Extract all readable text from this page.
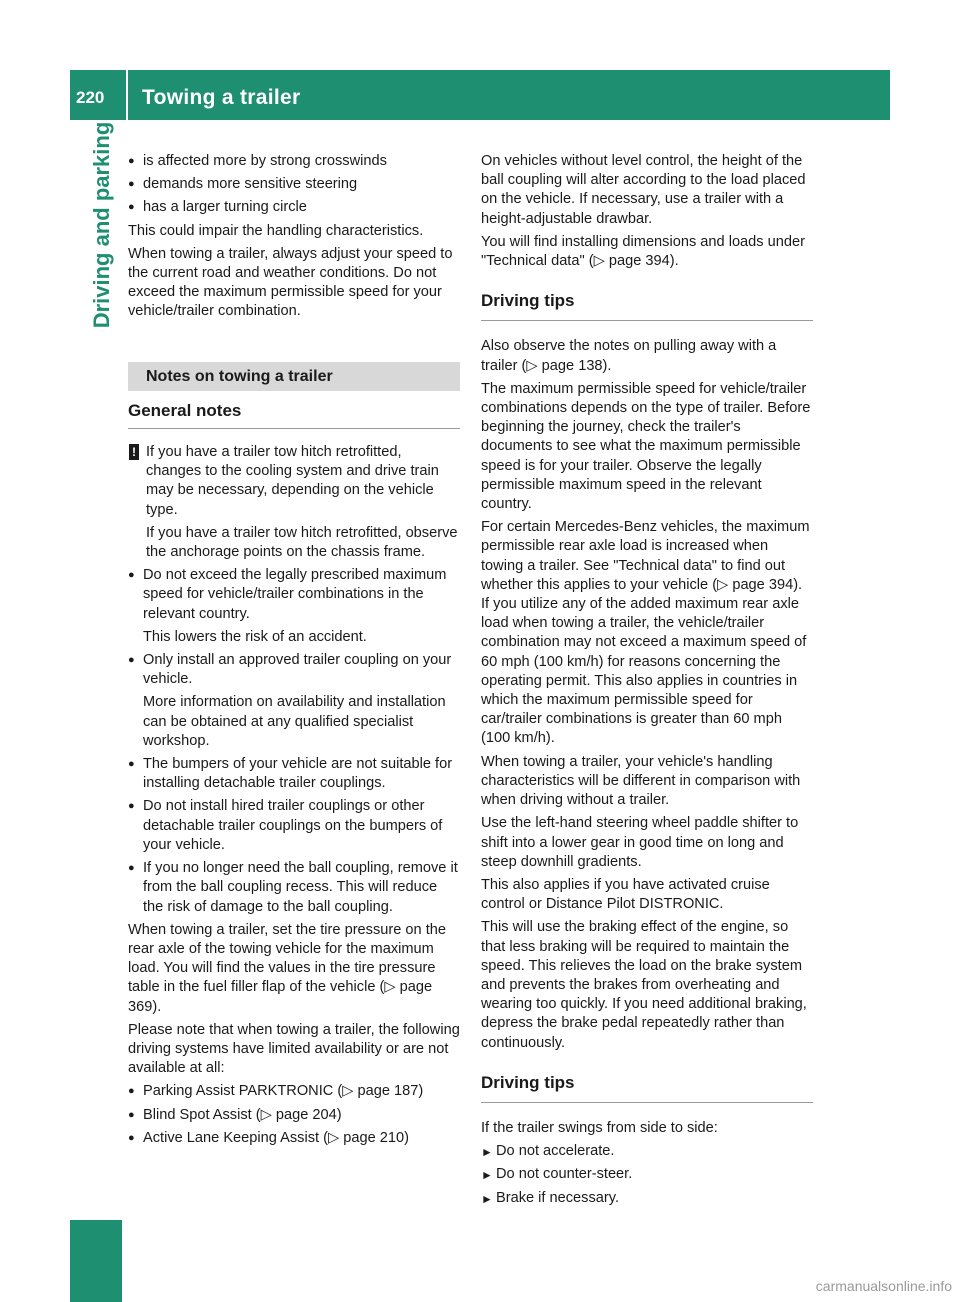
220	Towing a trailer
Driving and parking ● is affected more by strong crosswinds
● demands more sensitive steering
● has a larger turning circle

This could impair the handling characteristics.

When towing a trailer, always adjust your speed to the current road and weather conditions. Do not exceed the maximum permissible speed for your vehicle/trailer combination.

Notes on towing a trailer
General notes
! If you have a trailer tow hitch retrofitted, changes to the cooling system and drive train may be necessary, depending on the vehicle type.

If you have a trailer tow hitch retrofitted, observe the anchorage points on the chassis frame.

● Do not exceed the legally prescribed maximum speed for vehicle/trailer combinations in the relevant country.

This lowers the risk of an accident.

● Only install an approved trailer coupling on your vehicle.

More information on availability and installation can be obtained at any qualified specialist workshop.

● The bumpers of your vehicle are not suitable for installing detachable trailer couplings.
● Do not install hired trailer couplings or other detachable trailer couplings on the bumpers of your vehicle.
● If you no longer need the ball coupling, remove it from the ball coupling recess. This will reduce the risk of damage to the ball coupling.

When towing a trailer, set the tire pressure on the rear axle of the towing vehicle for the maximum load. You will find the values in the tire pressure table in the fuel filler flap of the vehicle (▷ page 369).

Please note that when towing a trailer, the following driving systems have limited availability or are not available at all:

● Parking Assist PARKTRONIC (▷ page 187)
● Blind Spot Assist (▷ page 204)
● Active Lane Keeping Assist (▷ page 210)

On vehicles without level control, the height of the ball coupling will alter according to the load placed on the vehicle. If necessary, use a trailer with a height-adjustable drawbar.

You will find installing dimensions and loads under "Technical data" (▷ page 394).

Driving tips

Also observe the notes on pulling away with a trailer (▷ page 138).

The maximum permissible speed for vehicle/trailer combinations depends on the type of trailer. Before beginning the journey, check the trailer's documents to see what the maximum permissible speed is for your trailer. Observe the legally permissible maximum speed in the relevant country.

For certain Mercedes-Benz vehicles, the maximum permissible rear axle load is increased when towing a trailer. See "Technical data" to find out whether this applies to your vehicle (▷ page 394). If you utilize any of the added maximum rear axle load when towing a trailer, the vehicle/trailer combination may not exceed a maximum speed of 60 mph (100 km/h) for reasons concerning the operating permit. This also applies in countries in which the maximum permissible speed for car/trailer combinations is greater than 60 mph (100 km/h).

When towing a trailer, your vehicle's handling characteristics will be different in comparison with when driving without a trailer.

Use the left-hand steering wheel paddle shifter to shift into a lower gear in good time on long and steep downhill gradients.

This also applies if you have activated cruise control or Distance Pilot DISTRONIC.

This will use the braking effect of the engine, so that less braking will be required to maintain the speed. This relieves the load on the brake system and prevents the brakes from overheating and wearing too quickly. If you need additional braking, depress the brake pedal repeatedly rather than continuously.

Driving tips

If the trailer swings from side to side:

► Do not accelerate.
► Do not counter-steer.
► Brake if necessary.
carmanualsonline.info
